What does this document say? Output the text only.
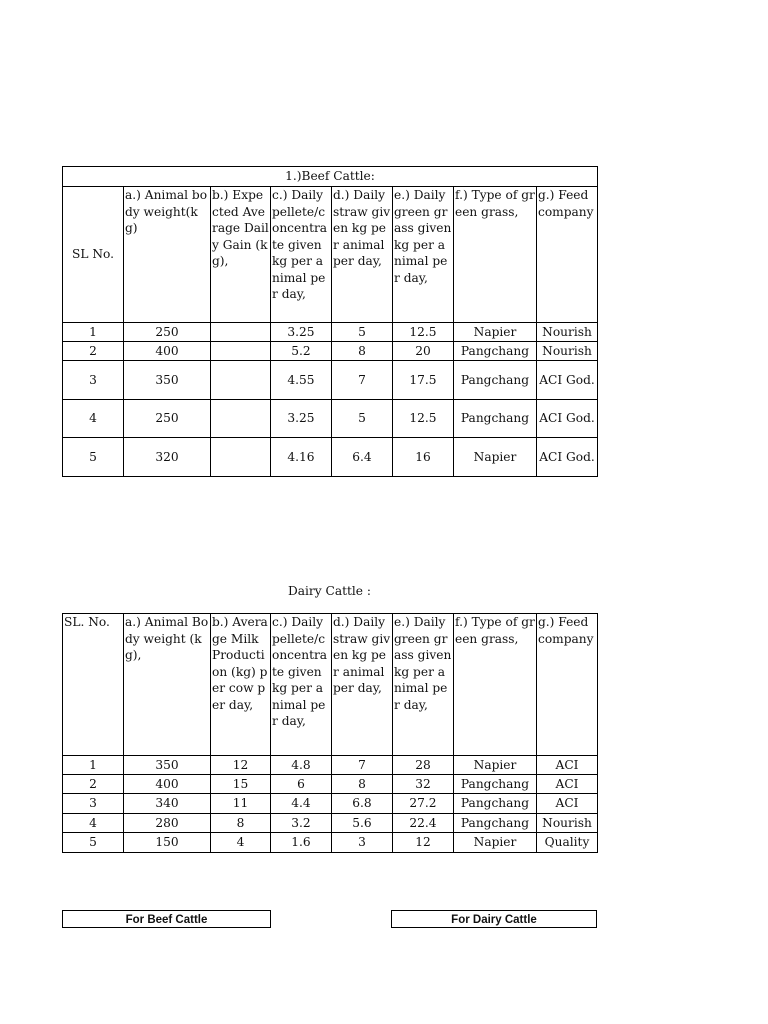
1.)Beef Cattle:							
SL No.	a.) Animal body weight(kg)	b.) Expected Average Daily Gain (kg),	c.) Daily pellete/concentrate given kg per animal per day,	d.) Daily straw given kg per animal per day,	e.) Daily green grass given kg per animal per day,	f.) Type of green grass,	g.) Feed company
1	250		3.25	5	12.5	Napier	Nourish
2	400		5.2	8	20	Pangchang	Nourish
3	350		4.55	7	17.5	Pangchang	ACI God.
4	250		3.25	5	12.5	Pangchang	ACI God.
5	320		4.16	6.4	16	Napier	ACI God.
Dairy Cattle :
SL. No.	a.) Animal Body weight (kg),	b.) Average Milk Production (kg) per cow per day,	c.) Daily pellete/concentrate given kg per animal per day,	d.) Daily straw given kg per animal per day,	e.) Daily green grass given kg per animal per day,	f.) Type of green grass,	g.) Feed company
1	350	12	4.8	7	28	Napier	ACI
2	400	15	6	8	32	Pangchang	ACI
3	340	11	4.4	6.8	27.2	Pangchang	ACI
4	280	8	3.2	5.6	22.4	Pangchang	Nourish
5	150	4	1.6	3	12	Napier	Quality
For Beef Cattle	For Dairy Cattle
